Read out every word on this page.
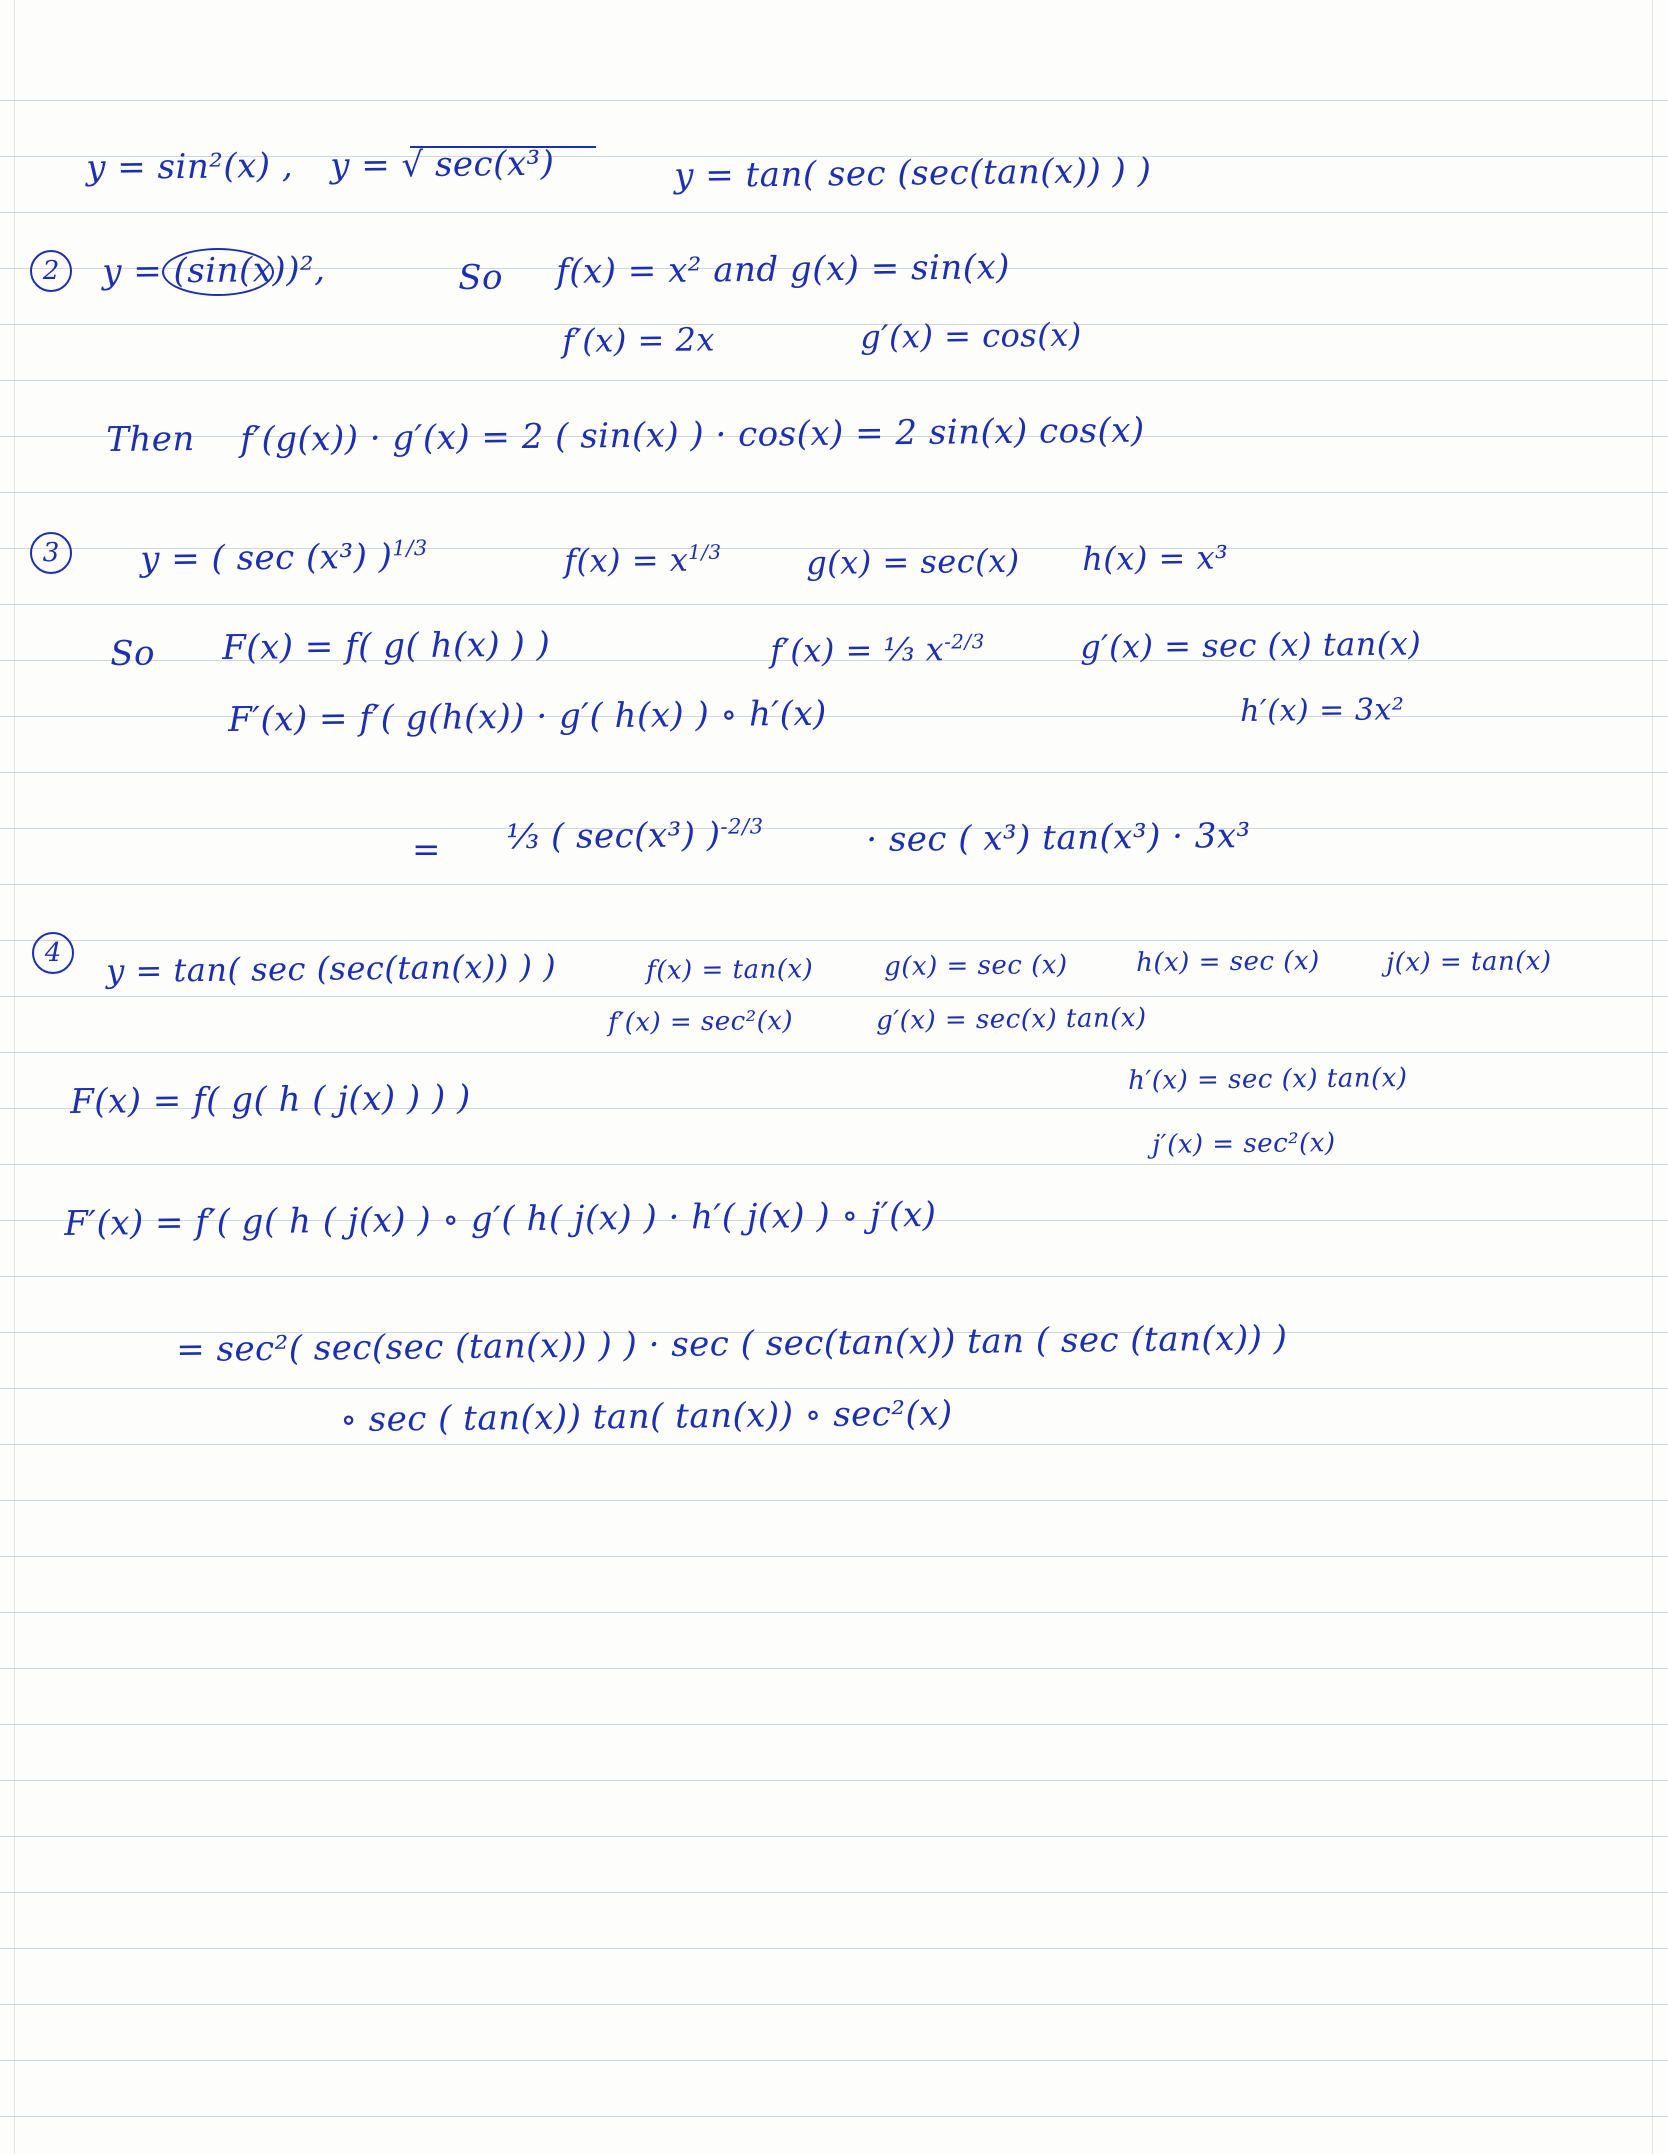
y = sin²(x) , y = √ sec(x³)	y = tan( sec (sec(tan(x)) ) )
2	y = (sin(x))²,	So f(x) = x² and g(x) = sin(x)
f′(x) = 2x	g′(x) = cos(x)
Then f′(g(x)) · g′(x) = 2 ( sin(x) ) · cos(x) = 2 sin(x) cos(x)
3	y = ( sec (x³) )$^{1/3}$	$f(x) = x^{1/3}$	g(x) = sec(x) h(x) = x³
So F(x) = f( g( h(x) ) )	f′(x) = ⅓ $x^{-2/3}$	g′(x) = sec (x) tan(x)
F′(x) = f′( g(h(x)) · g′( h(x) ) ∘ h′(x)	h′(x) = 3x²
= ⅓ ( sec(x³) )$^{-2/3}$	· sec ( x³) tan(x³) · 3x³
4	y = tan( sec (sec(tan(x)) ) )	f(x) = tan(x)	g(x) = sec (x)	h(x) = sec (x)	j(x) = tan(x)
f′(x) = sec²(x)	g′(x) = sec(x) tan(x)
F(x) = f( g( h ( j(x) ) ) )	h′(x) = sec (x) tan(x)
j′(x) = sec²(x)
F′(x) = f′( g( h ( j(x) ) ∘ g′( h( j(x) ) · h′( j(x) ) ∘ j′(x)
= sec²( sec(sec (tan(x)) ) ) · sec ( sec(tan(x)) tan ( sec (tan(x)) )
∘ sec ( tan(x)) tan( tan(x)) ∘ sec²(x)
